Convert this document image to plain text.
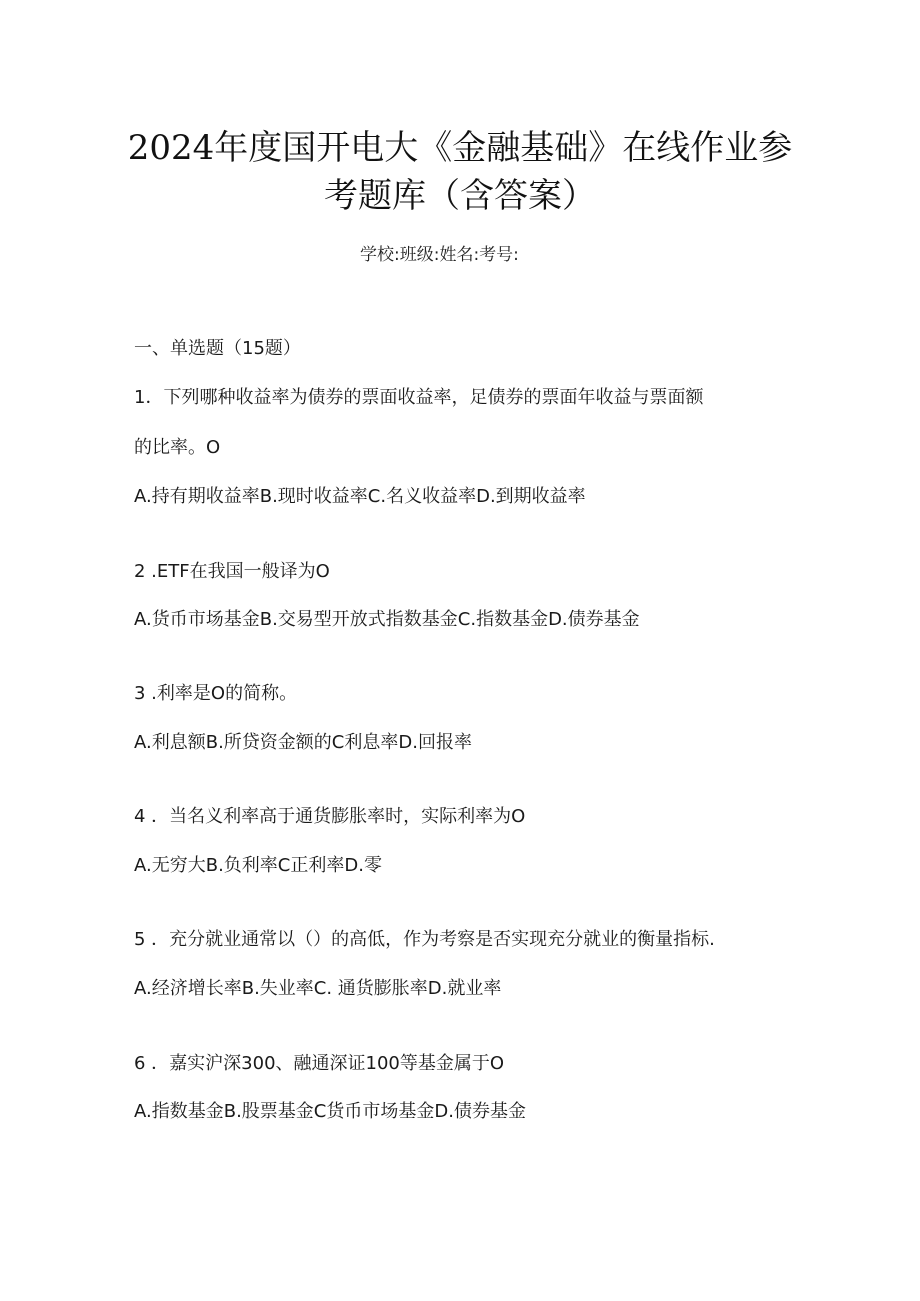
2024年度国开电大《金融基础》在线作业参
考题库（含答案）
学校:班级:姓名:考号:
一、单选题（15题）
1．下列哪种收益率为债券的票面收益率，足债券的票面年收益与票面额
的比率。O
A.持有期收益率B.现时收益率C.名义收益率D.到期收益率
2 .ETF在我国一般译为O
A.货币市场基金B.交易型开放式指数基金C.指数基金D.债券基金
3 .利率是O的简称。
A.利息额B.所贷资金额的C利息率D.回报率
4 ．当名义利率高于通货膨胀率时，实际利率为O
A.无穷大B.负利率C正利率D.零
5 ．充分就业通常以（）的高低，作为考察是否实现充分就业的衡量指标.
A.经济增长率B.失业率C. 通货膨胀率D.就业率
6 ．嘉实沪深300、融通深证100等基金属于O
A.指数基金B.股票基金C货币市场基金D.债券基金
